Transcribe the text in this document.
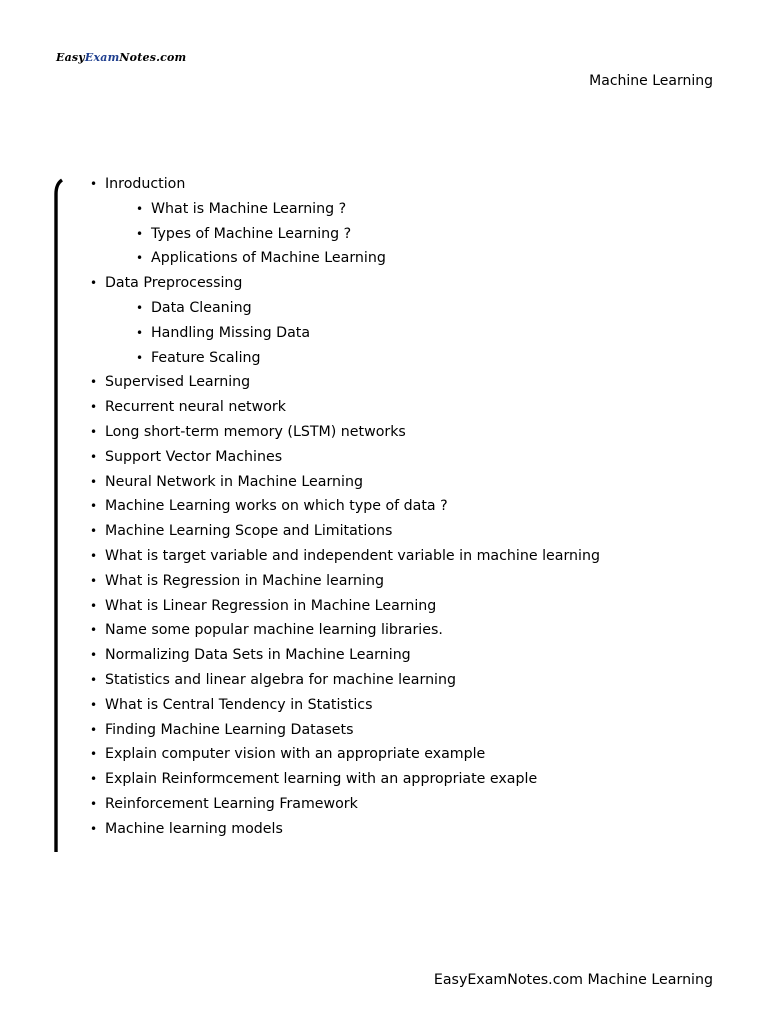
EasyExamNotes.com
Machine Learning
• Inroduction
• What is Machine Learning ?
• Types of Machine Learning ?
• Applications of Machine Learning
• Data Preprocessing
• Data Cleaning
• Handling Missing Data
• Feature Scaling
• Supervised Learning
• Recurrent neural network
• Long short-term memory (LSTM) networks
• Support Vector Machines
• Neural Network in Machine Learning
• Machine Learning works on which type of data ?
• Machine Learning Scope and Limitations
• What is target variable and independent variable in machine learning
• What is Regression in Machine learning
• What is Linear Regression in Machine Learning
• Name some popular machine learning libraries.
• Normalizing Data Sets in Machine Learning
• Statistics and linear algebra for machine learning
• What is Central Tendency in Statistics
• Finding Machine Learning Datasets
• Explain computer vision with an appropriate example
• Explain Reinformcement learning with an appropriate exaple
• Reinforcement Learning Framework
• Machine learning models
EasyExamNotes.com Machine Learning
